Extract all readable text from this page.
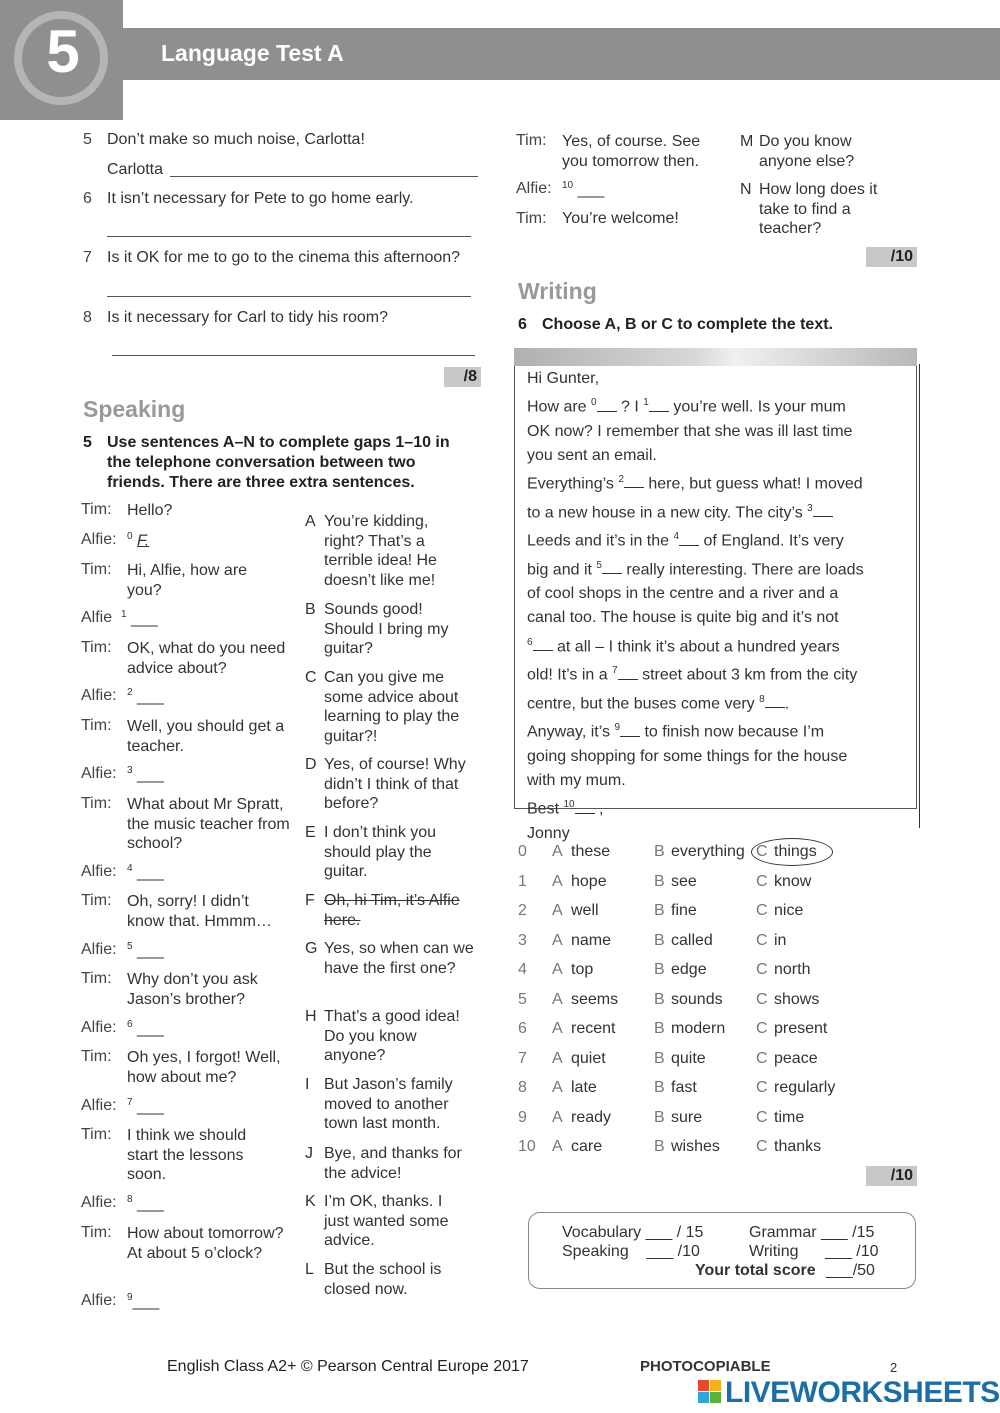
5	Language Test A
5 Don’t make so much noise, Carlotta!
Carlotta
6 It isn’t necessary for Pete to go home early.
7 Is it OK for me to go to the cinema this afternoon?
8 Is it necessary for Carl to tidy his room?
/8
Speaking
5 Use sentences A–N to complete gaps 1–10 in the telephone conversation between two friends. There are three extra sentences.
Tim: Hello?
Alfie: $^0$ F.
Tim: Hi, Alfie, how are you?
Alfie $^1$ ___
Tim: OK, what do you need advice about?
Alfie: $^2$ ___
Tim: Well, you should get a teacher.
Alfie: $^3$ ___
Tim: What about Mr Spratt, the music teacher from school?
Alfie: $^4$ ___
Tim: Oh, sorry! I didn’t know that. Hmmm…
Alfie: $^5$ ___
Tim: Why don’t you ask Jason’s brother?
Alfie: $^6$ ___
Tim: Oh yes, I forgot! Well, how about me?
Alfie: $^7$ ___
Tim: I think we should start the lessons soon.
Alfie: $^8$ ___
Tim: How about tomorrow? At about 5 o’clock?
Alfie: $^9$___
Tim: Yes, of course. See you tomorrow then.
Alfie: $^{10}$ ___
Tim: You’re welcome!
A You’re kidding, right? That’s a terrible idea! He doesn’t like me!
B Sounds good! Should I bring my guitar?
C Can you give me some advice about learning to play the guitar?!
D Yes, of course! Why didn’t I think of that before?
E I don’t think you should play the guitar.
F Oh, hi Tim, it’s Alfie here.
G Yes, so when can we have the first one?
H That’s a good idea! Do you know anyone?
I But Jason’s family moved to another town last month.
J Bye, and thanks for the advice!
K I’m OK, thanks. I just wanted some advice.
L But the school is closed now.
M Do you know anyone else?
N How long does it take to find a teacher?
/10
Writing
6 Choose A, B or C to complete the text.
Hi Gunter,
How are $^0$ ? I $^1$ you’re well. Is your mum
OK now? I remember that she was ill last time
you sent an email.
Everything’s $^2$ here, but guess what! I moved
to a new house in a new city. The city’s $^3$
Leeds and it’s in the $^4$ of England. It’s very
big and it $^5$ really interesting. There are loads
of cool shops in the centre and a river and a
canal too. The house is quite big and it’s not
$^6$ at all – I think it’s about a hundred years
old! It’s in a $^7$ street about 3 km from the city
centre, but the buses come very $^8$ .
Anyway, it’s $^9$ to finish now because I’m
going shopping for some things for the house
with my mum.
Best $^{10}$ ,
Jonny
0 A these	B everything C things
1 A hope	B see	C know
2 A well	B fine	C nice
3 A name	B called	C in
4 A top	B edge	C north
5 A seems B sounds C shows
6 A recent B modern C present
7 A quiet	B quite	C peace
8 A late	B fast	C regularly
9 A ready	B sure	C time
10 A care	B wishes C thanks
/10
Vocabulary ___ / 15	Grammar ___ /15
Speaking    ___ /10	Writing      ___ /10
Your total score ___/50
English Class A2+ © Pearson Central Europe 2017	PHOTOCOPIABLE	2
LIVEWORKSHEETS
